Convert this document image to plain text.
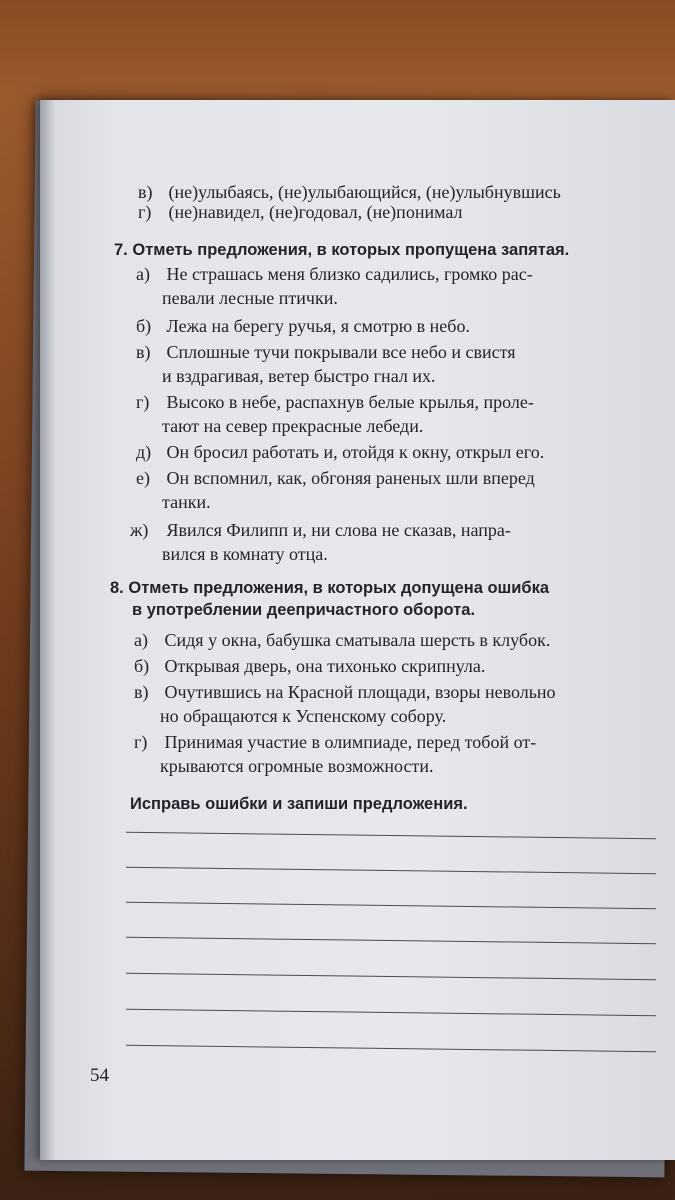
в) (не)улыбаясь, (не)улыбающийся, (не)улыбнувшись
г) (не)навидел, (не)годовал, (не)понимал
7. Отметь предложения, в которых пропущена запятая.
а) Не страшась меня близко садились, громко рас-
певали лесные птички.
б) Лежа на берегу ручья, я смотрю в небо.
в) Сплошные тучи покрывали все небо и свистя
и вздрагивая, ветер быстро гнал их.
г) Высоко в небе, распахнув белые крылья, проле-
тают на север прекрасные лебеди.
д) Он бросил работать и, отойдя к окну, открыл его.
е) Он вспомнил, как, обгоняя раненых шли вперед
танки.
ж) Явился Филипп и, ни слова не сказав, напра-
вился в комнату отца.
8. Отметь предложения, в которых допущена ошибка
в употреблении деепричастного оборота.
а) Сидя у окна, бабушка сматывала шерсть в клубок.
б) Открывая дверь, она тихонько скрипнула.
в) Очутившись на Красной площади, взоры невольно
но обращаются к Успенскому собору.
г) Принимая участие в олимпиаде, перед тобой от-
крываются огромные возможности.
Исправь ошибки и запиши предложения.
54
